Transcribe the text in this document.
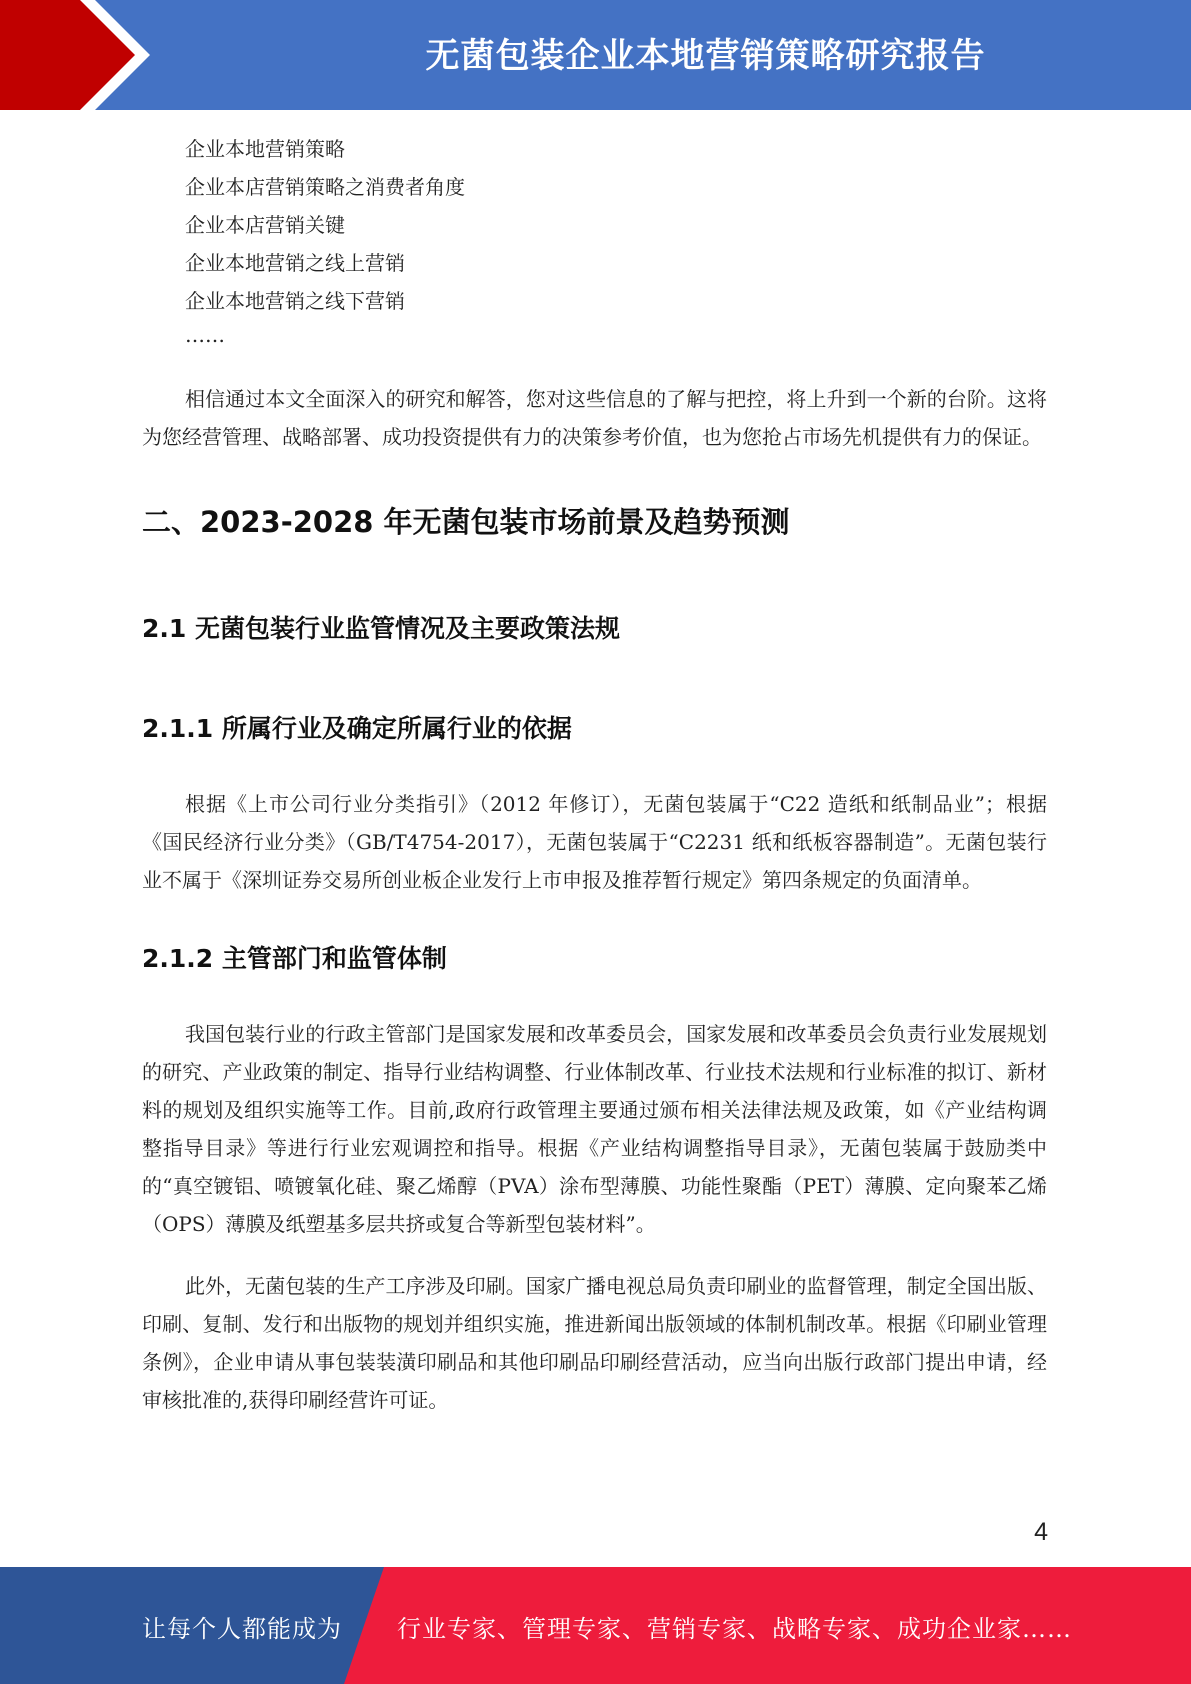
无菌包装企业本地营销策略研究报告

企业本地营销策略

企业本店营销策略之消费者角度

企业本店营销关键

企业本地营销之线上营销

企业本地营销之线下营销

……

相信通过本文全面深入的研究和解答，您对这些信息的了解与把控，将上升到一个新的台阶。这将为您经营管理、战略部署、成功投资提供有力的决策参考价值，也为您抢占市场先机提供有力的保证。

二、2023-2028 年无菌包装市场前景及趋势预测
2.1 无菌包装行业监管情况及主要政策法规
2.1.1 所属行业及确定所属行业的依据

根据《上市公司行业分类指引》（2012 年修订），无菌包装属于“C22 造纸和纸制品业”；根据《国民经济行业分类》（GB/T4754-2017），无菌包装属于“C2231 纸和纸板容器制造”。无菌包装行业不属于《深圳证券交易所创业板企业发行上市申报及推荐暂行规定》第四条规定的负面清单。

2.1.2 主管部门和监管体制

我国包装行业的行政主管部门是国家发展和改革委员会，国家发展和改革委员会负责行业发展规划的研究、产业政策的制定、指导行业结构调整、行业体制改革、行业技术法规和行业标准的拟订、新材料的规划及组织实施等工作。目前,政府行政管理主要通过颁布相关法律法规及政策，如《产业结构调整指导目录》等进行行业宏观调控和指导。根据《产业结构调整指导目录》，无菌包装属于鼓励类中的“真空镀铝、喷镀氧化硅、聚乙烯醇（PVA）涂布型薄膜、功能性聚酯（PET）薄膜、定向聚苯乙烯（OPS）薄膜及纸塑基多层共挤或复合等新型包装材料”。

此外，无菌包装的生产工序涉及印刷。国家广播电视总局负责印刷业的监督管理，制定全国出版、印刷、复制、发行和出版物的规划并组织实施，推进新闻出版领域的体制机制改革。根据《印刷业管理条例》，企业申请从事包装装潢印刷品和其他印刷品印刷经营活动，应当向出版行政部门提出申请，经审核批准的,获得印刷经营许可证。

4
让每个人都能成为 行业专家、管理专家、营销专家、战略专家、成功企业家……
